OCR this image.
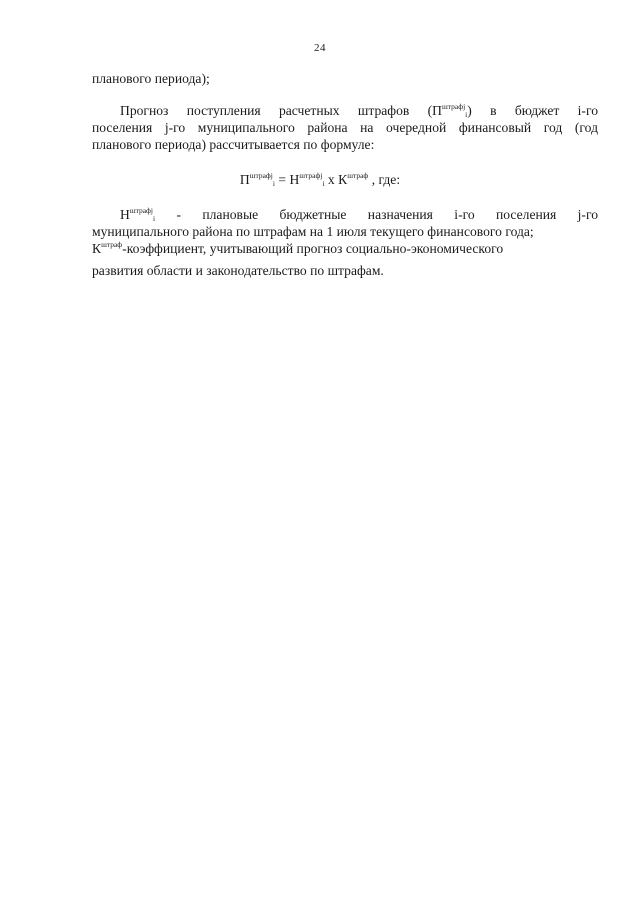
24
планового периода);
Прогноз поступления расчетных штрафов $(П^{штрафj}_i)$ в бюджет i-го
поселения j-го муниципального района на очередной финансовый год (год
планового периода) рассчитывается по формуле:
$П^{штрафj}_i = Н^{штрафj}_i$ х $К^{штраф}$ , где:
$Н^{штрафj}_i$ - плановые бюджетные назначения i-го поселения j-го
муниципального района по штрафам на 1 июля текущего финансового года;
$К^{штраф}$-коэффициент, учитывающий прогноз социально-экономического
развития области и законодательство по штрафам.
